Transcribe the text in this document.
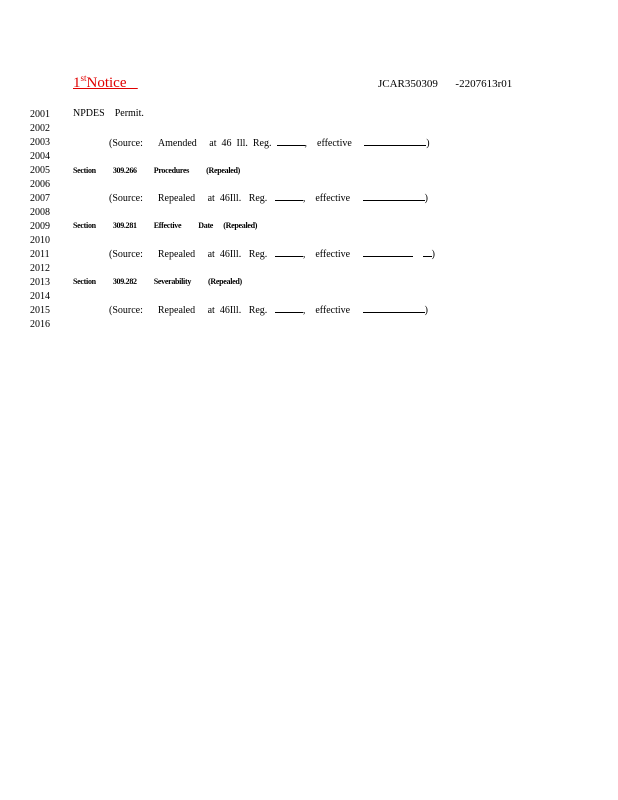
1stNotice	JCAR350309 -2207613r01
2001
2002
2003
2004
2005
2006
2007
2008
2009
2010
2011
2012
2013
2014
2015
2016
NPDES Permit.
(Source: Amended at 46 Ill. Reg.	, effective	)
Section 309.266 Procedures (Repealed)
(Source: Repealed at 46Ill. Reg.	, effective	)
Section 309.281 Effective Date (Repealed)
(Source: Repealed at 46Ill. Reg.	, effective	)
Section 309.282 Severability (Repealed)
(Source: Repealed at 46Ill. Reg.	, effective	)
